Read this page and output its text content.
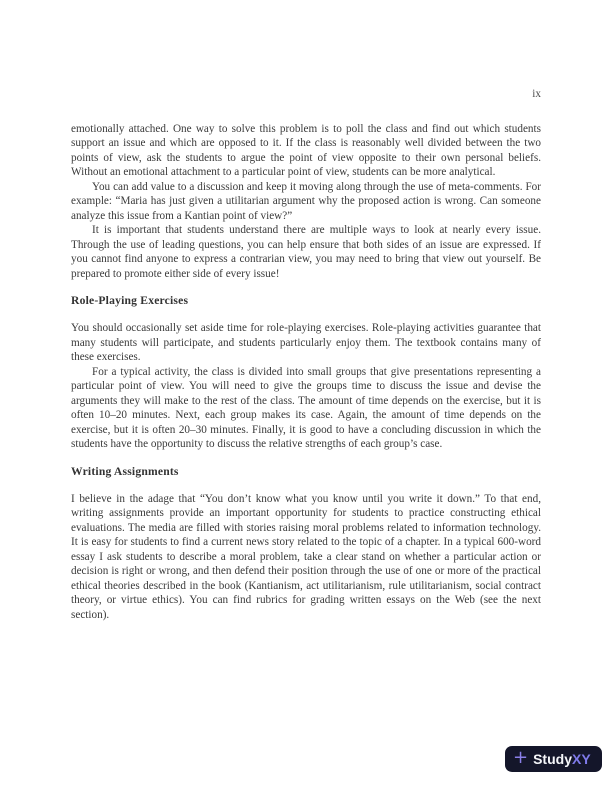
ix

emotionally attached. One way to solve this problem is to poll the class and find out which students support an issue and which are opposed to it. If the class is reasonably well divided between the two points of view, ask the students to argue the point of view opposite to their own personal beliefs. Without an emotional attachment to a particular point of view, students can be more analytical.

You can add value to a discussion and keep it moving along through the use of meta-comments. For example: “Maria has just given a utilitarian argument why the proposed action is wrong. Can someone analyze this issue from a Kantian point of view?”

It is important that students understand there are multiple ways to look at nearly every issue. Through the use of leading questions, you can help ensure that both sides of an issue are expressed. If you cannot find anyone to express a contrarian view, you may need to bring that view out yourself. Be prepared to promote either side of every issue!

Role-Playing Exercises

You should occasionally set aside time for role-playing exercises. Role-playing activities guarantee that many students will participate, and students particularly enjoy them. The textbook contains many of these exercises.

For a typical activity, the class is divided into small groups that give presentations representing a particular point of view. You will need to give the groups time to discuss the issue and devise the arguments they will make to the rest of the class. The amount of time depends on the exercise, but it is often 10–20 minutes. Next, each group makes its case. Again, the amount of time depends on the exercise, but it is often 20–30 minutes. Finally, it is good to have a concluding discussion in which the students have the opportunity to discuss the relative strengths of each group’s case.

Writing Assignments

I believe in the adage that “You don’t know what you know until you write it down.” To that end, writing assignments provide an important opportunity for students to practice constructing ethical evaluations. The media are filled with stories raising moral problems related to information technology. It is easy for students to find a current news story related to the topic of a chapter. In a typical 600-word essay I ask students to describe a moral problem, take a clear stand on whether a particular action or decision is right or wrong, and then defend their position through the use of one or more of the practical ethical theories described in the book (Kantianism, act utilitarianism, rule utilitarianism, social contract theory, or virtue ethics). You can find rubrics for grading written essays on the Web (see the next section).

+ StudyXY
